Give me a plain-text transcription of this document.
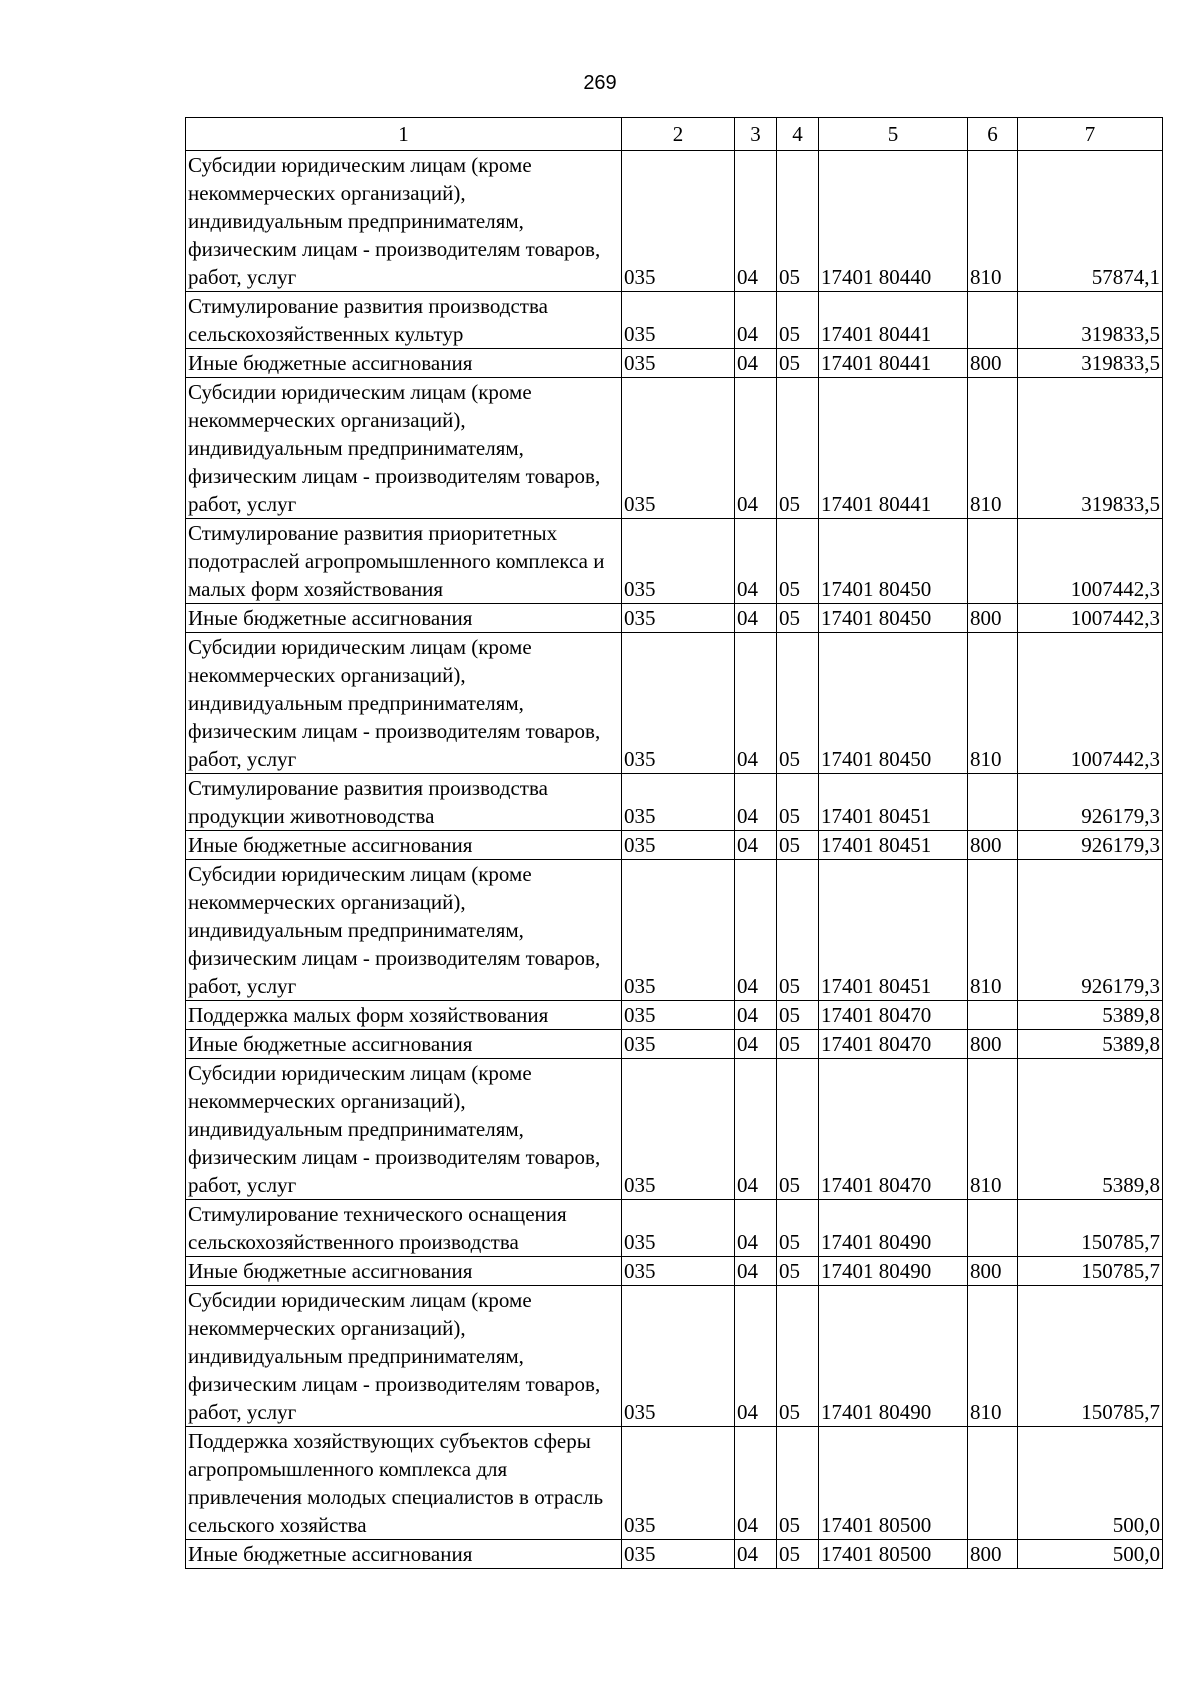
269
1	2	3	4	5	6	7
Субсидии юридическим лицам (кроме некоммерческих организаций), индивидуальным предпринимателям, физическим лицам - производителям товаров, работ, услуг	035	04	05	17401 80440	810	57874,1
Стимулирование развития производства сельскохозяйственных культур	035	04	05	17401 80441		319833,5
Иные бюджетные ассигнования	035	04	05	17401 80441	800	319833,5
Субсидии юридическим лицам (кроме некоммерческих организаций), индивидуальным предпринимателям, физическим лицам - производителям товаров, работ, услуг	035	04	05	17401 80441	810	319833,5
Стимулирование развития приоритетных подотраслей агропромышленного комплекса и малых форм хозяйствования	035	04	05	17401 80450		1007442,3
Иные бюджетные ассигнования	035	04	05	17401 80450	800	1007442,3
Субсидии юридическим лицам (кроме некоммерческих организаций), индивидуальным предпринимателям, физическим лицам - производителям товаров, работ, услуг	035	04	05	17401 80450	810	1007442,3
Стимулирование развития производства продукции животноводства	035	04	05	17401 80451		926179,3
Иные бюджетные ассигнования	035	04	05	17401 80451	800	926179,3
Субсидии юридическим лицам (кроме некоммерческих организаций), индивидуальным предпринимателям, физическим лицам - производителям товаров, работ, услуг	035	04	05	17401 80451	810	926179,3
Поддержка малых форм хозяйствования	035	04	05	17401 80470		5389,8
Иные бюджетные ассигнования	035	04	05	17401 80470	800	5389,8
Субсидии юридическим лицам (кроме некоммерческих организаций), индивидуальным предпринимателям, физическим лицам - производителям товаров, работ, услуг	035	04	05	17401 80470	810	5389,8
Стимулирование технического оснащения сельскохозяйственного производства	035	04	05	17401 80490		150785,7
Иные бюджетные ассигнования	035	04	05	17401 80490	800	150785,7
Субсидии юридическим лицам (кроме некоммерческих организаций), индивидуальным предпринимателям, физическим лицам - производителям товаров, работ, услуг	035	04	05	17401 80490	810	150785,7
Поддержка хозяйствующих субъектов сферы агропромышленного комплекса для привлечения молодых специалистов в отрасль сельского хозяйства	035	04	05	17401 80500		500,0
Иные бюджетные ассигнования	035	04	05	17401 80500	800	500,0
